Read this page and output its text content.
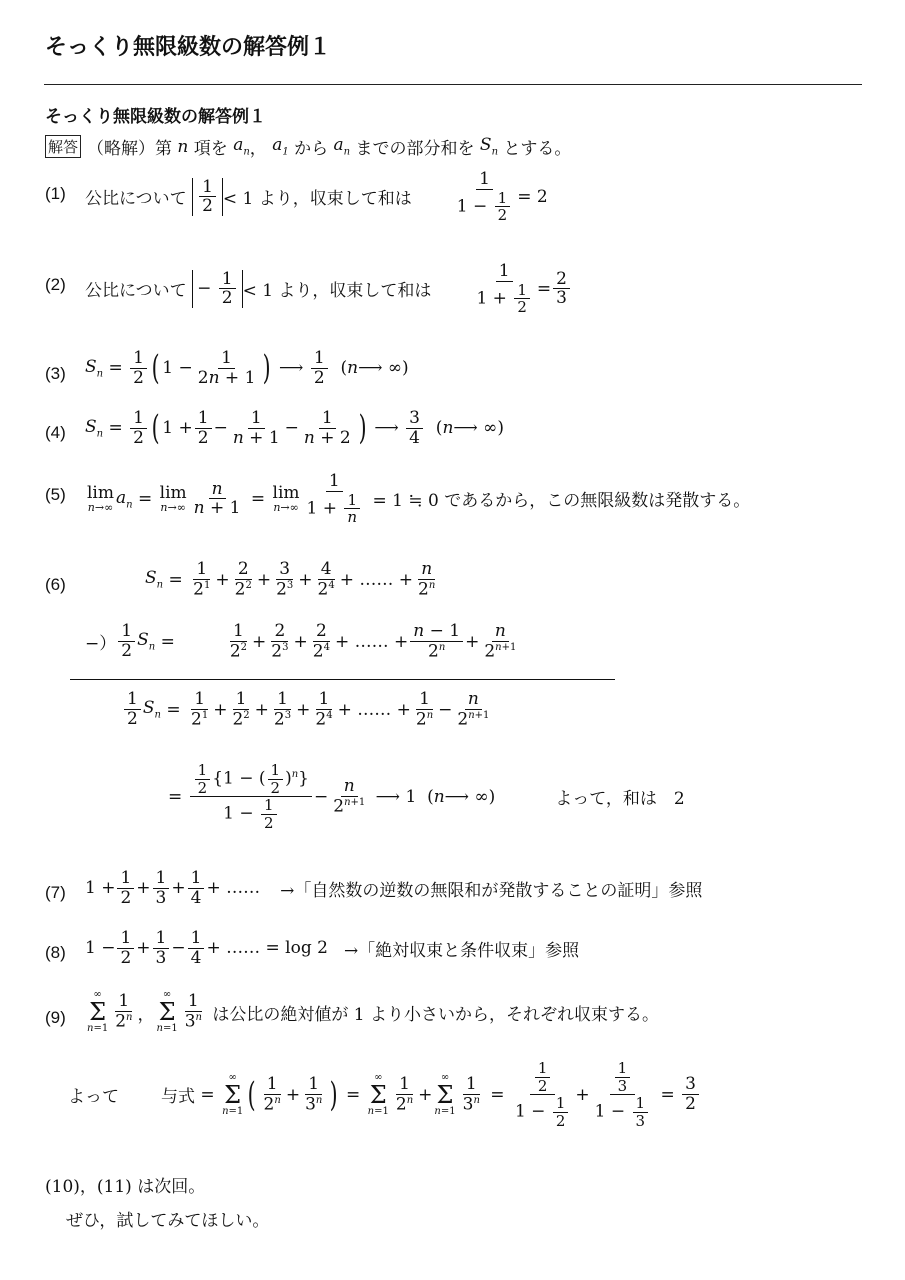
そっくり無限級数の解答例１
そっくり無限級数の解答例１
解答 （略解）第
n
項を
$a_n$ ，
$a_1$
から
$a_n$
までの部分和を
$S_n$
とする。
(1) 公比について
$\frac{1}{2} < 1$ より，収束して和は $\frac{1}{1 - \frac{1}{2}} = 2$
(2) 公比について
− $\frac{1}{2} < 1$ より，収束して和は $\frac{1}{1 + \frac{1}{2}} = \frac{2}{3}$
(3) $S_n = \frac{1}{2}$ ( $1 - \frac{1}{2n + 1}$ ) ⟶ $\frac{1}{2}$ ( n ⟶ ∞)
(4) $S_n = \frac{1}{2}$ ( $1 + \frac{1}{2} - \frac{1}{n + 1} - \frac{1}{n + 2}$ ) ⟶ $\frac{3}{4}$ ( n ⟶ ∞)
(5) lim
n→∞
$a_n = \lim$
$n\to\infty \frac{n}{n + 1} = \lim$
$n\to\infty \frac{1}{1 + \frac{1}{n}}$
= 1 ≒ 0 であるから，この無限級数は発散する。
(6)	$S_n = \frac{1}{2^1} + \frac{2}{2^2} + \frac{3}{2^3} + \frac{4}{2^4}$ + …… + $\frac{n}{2^n}$
−） $\frac{1}{2} S_n$ =	$\frac{1}{2^2} + \frac{2}{2^3} + \frac{2}{2^4}$ + …… + $\frac{n - 1}{2^n} + \frac{n}{2^{n+1}}$
$\frac{1}{2} S_n = \frac{1}{2^1} + \frac{1}{2^2} + \frac{1}{2^3} + \frac{1}{2^4}$ + …… + $\frac{1}{2^n} - \frac{n}{2^{n+1}}$
= $\frac{\frac{1}{2} \{1 - ( \frac{1}{2} )^n\}}{1 - \frac{1}{2}} - \frac{n}{2^{n+1}}$ ⟶ 1  ( n ⟶ ∞)	よって，和は　2
(7) $1 + \frac{1}{2} + \frac{1}{3} + \frac{1}{4}$ + …… →「自然数の逆数の無限和が発散することの証明」参照
(8) $1 - \frac{1}{2} + \frac{1}{3} - \frac{1}{4}$ + …… = log 2 →「絶対収束と条件収束」参照
(9)
∞
Σ
$n=1 \frac{1}{2^n}$ ，
∞
Σ
$n=1 \frac{1}{3^n}$
は公比の絶対値が 1 より小さいから，それぞれ収束する。
よって 与式 =
∞
Σ
n=1 ( $\frac{1}{2^n} + \frac{1}{3^n}$ ) =
∞
Σ
$n=1 \frac{1}{2^n}$ +
∞
Σ
$n=1 \frac{1}{3^n} = \frac{\frac{1}{2}}{1 - \frac{1}{2}} + \frac{\frac{1}{3}}{1 - \frac{1}{3}} = \frac{3}{2}$
(10)，(11) は次回。
ぜひ，試してみてほしい。
